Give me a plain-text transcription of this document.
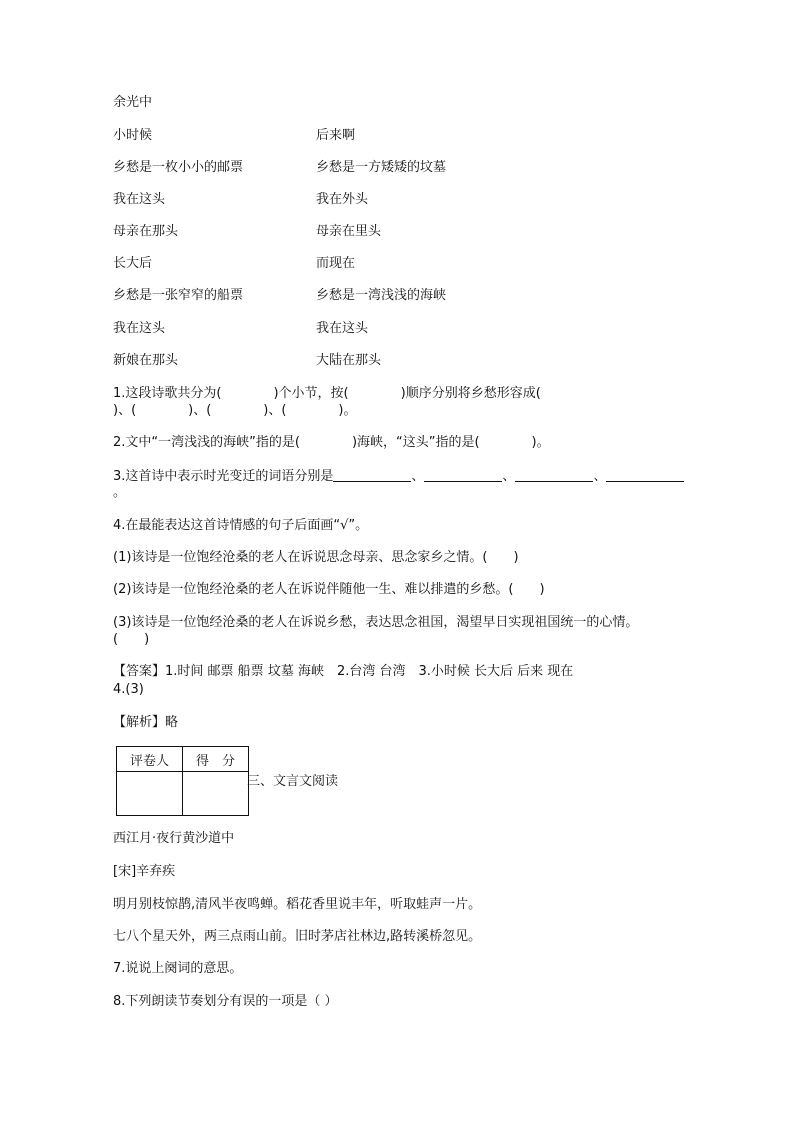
余光中
小时候	后来啊
乡愁是一枚小小的邮票	乡愁是一方矮矮的坟墓
我在这头	我在外头
母亲在那头	母亲在里头
长大后	而现在
乡愁是一张窄窄的船票	乡愁是一湾浅浅的海峡
我在这头	我在这头
新娘在那头	大陆在那头
1.这段诗歌共分为(　　　　)个小节，按(　　　　)顺序分别将乡愁形容成(
)、(　　　　)、(　　　　)、(　　　　)。
2.文中“一湾浅浅的海峡”指的是(　　　　)海峡，“这头”指的是(　　　　)。
3.这首诗中表示时光变迁的词语分别是	、	、	、
。
4.在最能表达这首诗情感的句子后面画“√”。
(1)该诗是一位饱经沧桑的老人在诉说思念母亲、思念家乡之情。(　　)
(2)该诗是一位饱经沧桑的老人在诉说伴随他一生、难以排遣的乡愁。(　　)
(3)该诗是一位饱经沧桑的老人在诉说乡愁，表达思念祖国，渴望早日实现祖国统一的心情。
(　　)
【答案】1.时间 邮票 船票 坟墓 海峡　2.台湾 台湾　3.小时候 长大后 后来 现在
4.(3)
【解析】略
评卷人	得　分

三、文言文阅读
西江月·夜行黄沙道中
[宋]辛弃疾
明月别枝惊鹊,清风半夜鸣蝉。稻花香里说丰年，听取蛙声一片。
七八个星天外，两三点雨山前。旧时茅店社林边,路转溪桥忽见。
7.说说上阕词的意思。
8.下列朗读节奏划分有误的一项是（ ）
